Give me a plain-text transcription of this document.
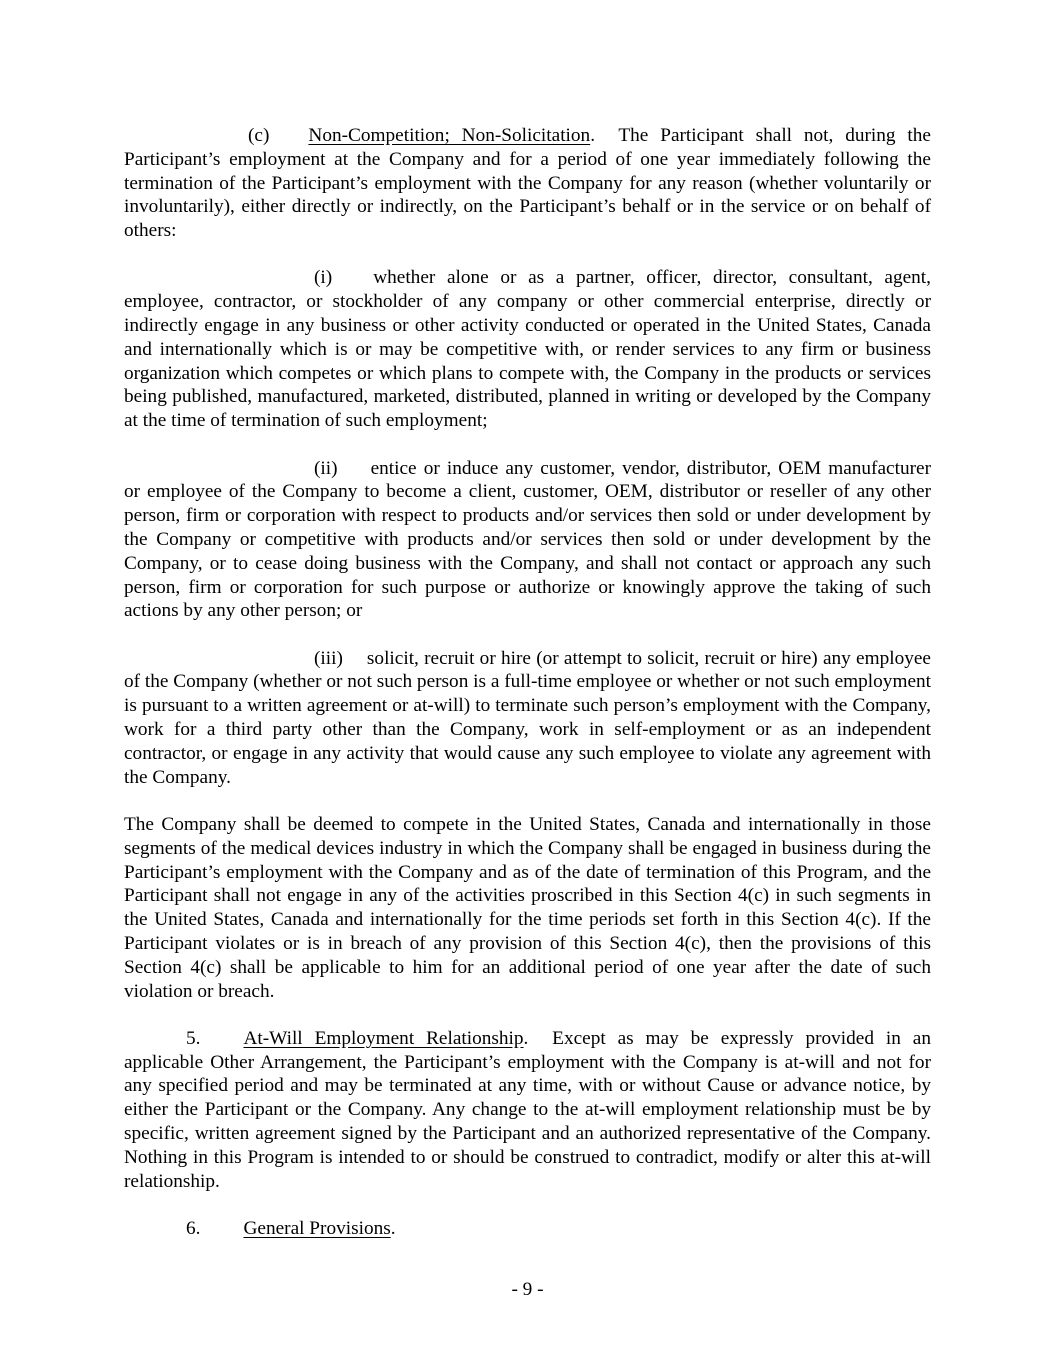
(c) Non-Competition; Non-Solicitation. The Participant shall not, during the Participant’s employment at the Company and for a period of one year immediately following the termination of the Participant’s employment with the Company for any reason (whether voluntarily or involuntarily), either directly or indirectly, on the Participant’s behalf or in the service or on behalf of others:

(i) whether alone or as a partner, officer, director, consultant, agent, employee, contractor, or stockholder of any company or other commercial enterprise, directly or indirectly engage in any business or other activity conducted or operated in the United States, Canada and internationally which is or may be competitive with, or render services to any firm or business organization which competes or which plans to compete with, the Company in the products or services being published, manufactured, marketed, distributed, planned in writing or developed by the Company at the time of termination of such employment;

(ii) entice or induce any customer, vendor, distributor, OEM manufacturer or employee of the Company to become a client, customer, OEM, distributor or reseller of any other person, firm or corporation with respect to products and/or services then sold or under development by the Company or competitive with products and/or services then sold or under development by the Company, or to cease doing business with the Company, and shall not contact or approach any such person, firm or corporation for such purpose or authorize or knowingly approve the taking of such actions by any other person; or

(iii) solicit, recruit or hire (or attempt to solicit, recruit or hire) any employee of the Company (whether or not such person is a full-time employee or whether or not such employment is pursuant to a written agreement or at-will) to terminate such person’s employment with the Company, work for a third party other than the Company, work in self-employment or as an independent contractor, or engage in any activity that would cause any such employee to violate any agreement with the Company.

The Company shall be deemed to compete in the United States, Canada and internationally in those segments of the medical devices industry in which the Company shall be engaged in business during the Participant’s employment with the Company and as of the date of termination of this Program, and the Participant shall not engage in any of the activities proscribed in this Section 4(c) in such segments in the United States, Canada and internationally for the time periods set forth in this Section 4(c). If the Participant violates or is in breach of any provision of this Section 4(c), then the provisions of this Section 4(c) shall be applicable to him for an additional period of one year after the date of such violation or breach.

5. At-Will Employment Relationship. Except as may be expressly provided in an applicable Other Arrangement, the Participant’s employment with the Company is at-will and not for any specified period and may be terminated at any time, with or without Cause or advance notice, by either the Participant or the Company. Any change to the at-will employment relationship must be by specific, written agreement signed by the Participant and an authorized representative of the Company. Nothing in this Program is intended to or should be construed to contradict, modify or alter this at-will relationship.

6. General Provisions.

- 9 -
